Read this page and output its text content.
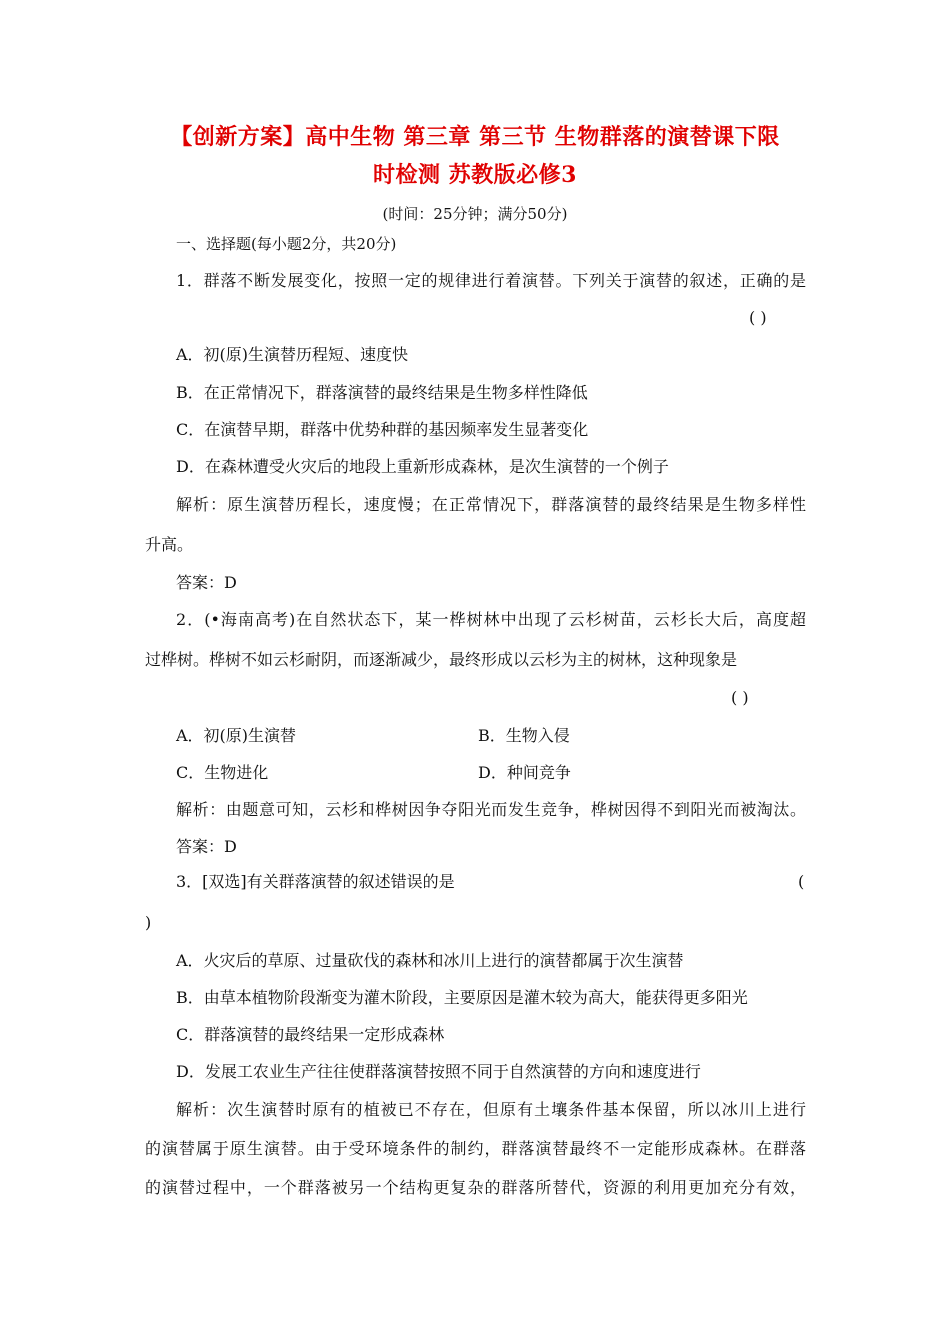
【创新方案】高中生物 第三章 第三节 生物群落的演替课下限
时检测 苏教版必修3
(时间：25分钟；满分50分)
一、选择题(每小题2分，共20分)
1．群落不断发展变化，按照一定的规律进行着演替。下列关于演替的叙述，正确的是
( )
A．初(原)生演替历程短、速度快
B．在正常情况下，群落演替的最终结果是生物多样性降低
C．在演替早期，群落中优势种群的基因频率发生显著变化
D．在森林遭受火灾后的地段上重新形成森林，是次生演替的一个例子
解析：原生演替历程长，速度慢；在正常情况下，群落演替的最终结果是生物多样性
升高。
答案：D
2．(•海南高考)在自然状态下，某一桦树林中出现了云杉树苗，云杉长大后，高度超
过桦树。桦树不如云杉耐阴，而逐渐减少，最终形成以云杉为主的树林，这种现象是
( )
A．初(原)生演替	B．生物入侵
C．生物进化	D．种间竞争
解析：由题意可知，云杉和桦树因争夺阳光而发生竞争，桦树因得不到阳光而被淘汰。
答案：D
3．[双选]有关群落演替的叙述错误的是	(
)
A．火灾后的草原、过量砍伐的森林和冰川上进行的演替都属于次生演替
B．由草本植物阶段渐变为灌木阶段，主要原因是灌木较为高大，能获得更多阳光
C．群落演替的最终结果一定形成森林
D．发展工农业生产往往使群落演替按照不同于自然演替的方向和速度进行
解析：次生演替时原有的植被已不存在，但原有土壤条件基本保留，所以冰川上进行
的演替属于原生演替。由于受环境条件的制约，群落演替最终不一定能形成森林。在群落
的演替过程中，一个群落被另一个结构更复杂的群落所替代，资源的利用更加充分有效，
